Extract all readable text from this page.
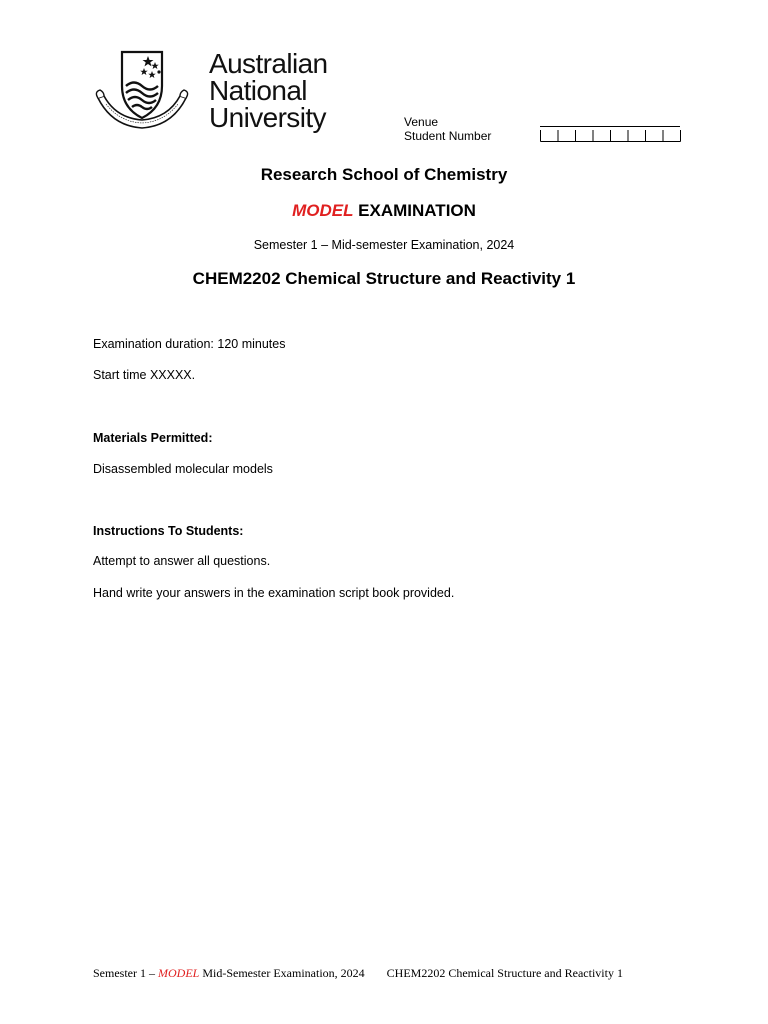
Australian
National
University	Venue
Student Number
Research School of Chemistry
MODEL EXAMINATION
Semester 1 – Mid-semester Examination, 2024
CHEM2202 Chemical Structure and Reactivity 1
Examination duration: 120 minutes
Start time XXXXX.
Materials Permitted:
Disassembled molecular models
Instructions To Students:
Attempt to answer all questions.
Hand write your answers in the examination script book provided.
Semester 1 – MODEL Mid-Semester Examination, 2024 CHEM2202 Chemical Structure and Reactivity 1
